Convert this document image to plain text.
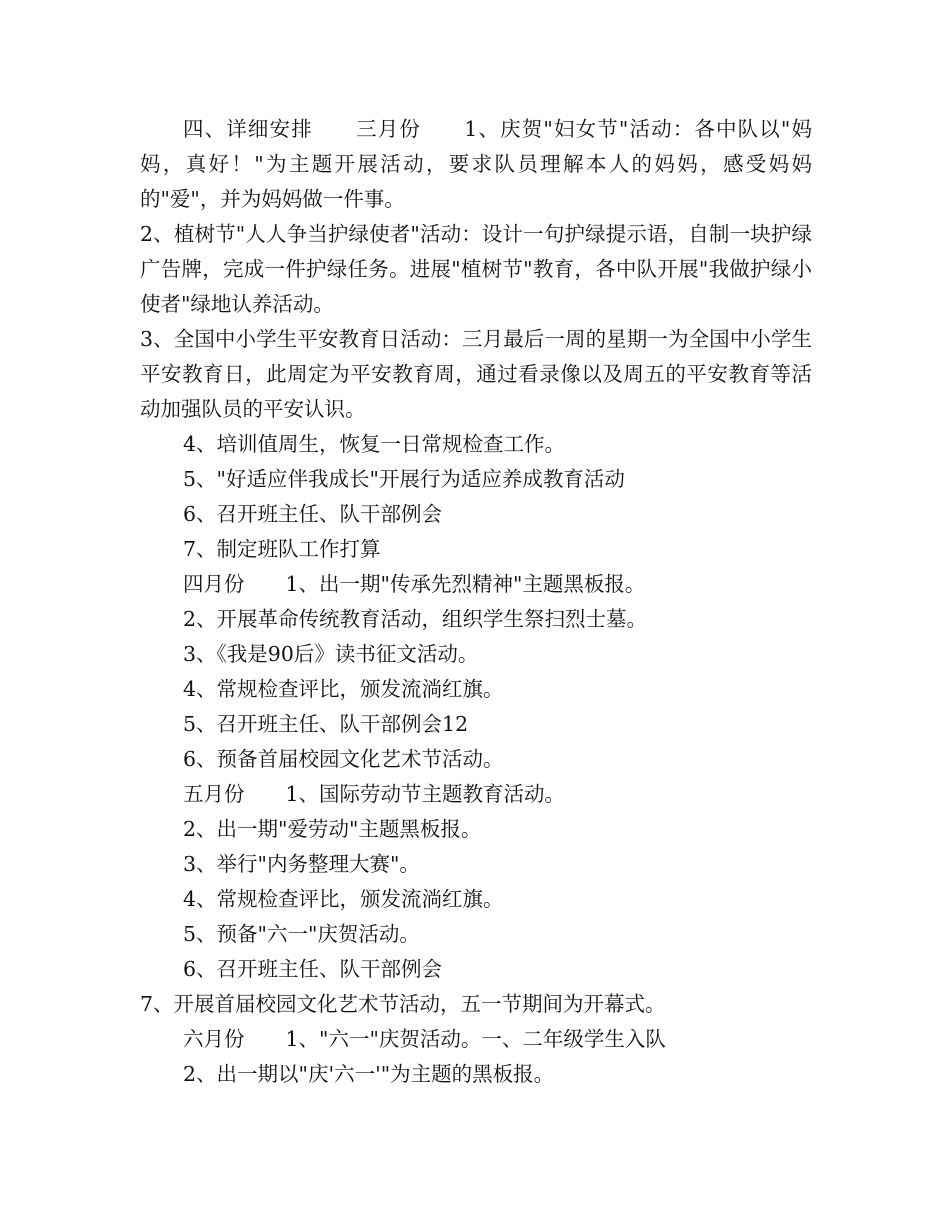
四、详细安排　　三月份　　1、庆贺"妇女节"活动：各中队以"妈妈，真好！"为主题开展活动，要求队员理解本人的妈妈，感受妈妈的"爱"，并为妈妈做一件事。

2、植树节"人人争当护绿使者"活动：设计一句护绿提示语，自制一块护绿广告牌，完成一件护绿任务。进展"植树节"教育，各中队开展"我做护绿小使者"绿地认养活动。

3、全国中小学生平安教育日活动：三月最后一周的星期一为全国中小学生平安教育日，此周定为平安教育周，通过看录像以及周五的平安教育等活动加强队员的平安认识。

4、培训值周生，恢复一日常规检查工作。

5、"好适应伴我成长"开展行为适应养成教育活动

6、召开班主任、队干部例会

7、制定班队工作打算

四月份　　1、出一期"传承先烈精神"主题黑板报。

2、开展革命传统教育活动，组织学生祭扫烈士墓。

3、《我是90后》读书征文活动。

4、常规检查评比，颁发流淌红旗。

5、召开班主任、队干部例会12

6、预备首届校园文化艺术节活动。

五月份　　1、国际劳动节主题教育活动。

2、出一期"爱劳动"主题黑板报。

3、举行"内务整理大赛"。

4、常规检查评比，颁发流淌红旗。

5、预备"六一"庆贺活动。

6、召开班主任、队干部例会

7、开展首届校园文化艺术节活动，五一节期间为开幕式。

六月份　　1、"六一"庆贺活动。一、二年级学生入队

2、出一期以"庆'六一'"为主题的黑板报。
